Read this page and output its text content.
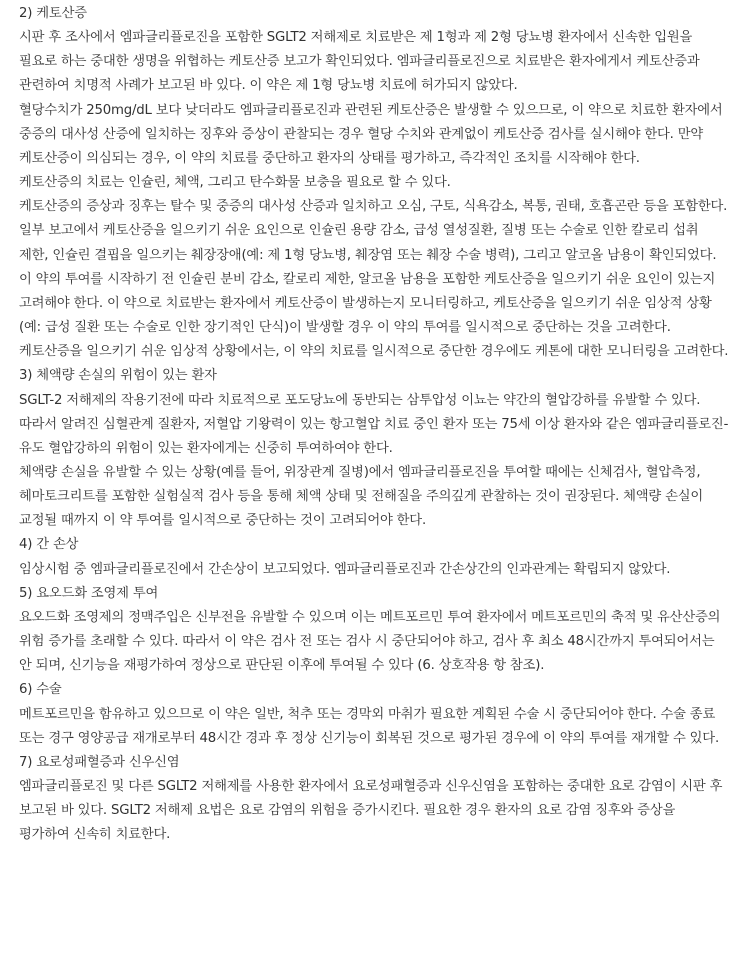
2) 케토산증

시판 후 조사에서 엠파글리플로진을 포함한 SGLT2 저해제로 치료받은 제 1형과 제 2형 당뇨병 환자에서 신속한 입원을 필요로 하는 중대한 생명을 위협하는 케토산증 보고가 확인되었다. 엠파글리플로진으로 치료받은 환자에게서 케토산증과 관련하여 치명적 사례가 보고된 바 있다. 이 약은 제 1형 당뇨병 치료에 허가되지 않았다.

혈당수치가 250mg/dL 보다 낮더라도 엠파글리플로진과 관련된 케토산증은 발생할 수 있으므로, 이 약으로 치료한 환자에서 중증의 대사성 산증에 일치하는 징후와 증상이 관찰되는 경우 혈당 수치와 관계없이 케토산증 검사를 실시해야 한다. 만약 케토산증이 의심되는 경우, 이 약의 치료를 중단하고 환자의 상태를 평가하고, 즉각적인 조치를 시작해야 한다.

케토산증의 치료는 인슐린, 체액, 그리고 탄수화물 보충을 필요로 할 수 있다.

케토산증의 증상과 징후는 탈수 및 중증의 대사성 산증과 일치하고 오심, 구토, 식욕감소, 복통, 권태, 호흡곤란 등을 포함한다. 일부 보고에서 케토산증을 일으키기 쉬운 요인으로 인슐린 용량 감소, 급성 열성질환, 질병 또는 수술로 인한 칼로리 섭취 제한, 인슐린 결핍을 일으키는 췌장장애(예: 제 1형 당뇨병, 췌장염 또는 췌장 수술 병력), 그리고 알코올 남용이 확인되었다.

이 약의 투여를 시작하기 전 인슐린 분비 감소, 칼로리 제한, 알코올 남용을 포함한 케토산증을 일으키기 쉬운 요인이 있는지 고려해야 한다. 이 약으로 치료받는 환자에서 케토산증이 발생하는지 모니터링하고, 케토산증을 일으키기 쉬운 임상적 상황(예: 급성 질환 또는 수술로 인한 장기적인 단식)이 발생할 경우 이 약의 투여를 일시적으로 중단하는 것을 고려한다. 케토산증을 일으키기 쉬운 임상적 상황에서는, 이 약의 치료를 일시적으로 중단한 경우에도 케톤에 대한 모니터링을 고려한다.

3) 체액량 손실의 위험이 있는 환자

SGLT-2 저해제의 작용기전에 따라 치료적으로 포도당뇨에 동반되는 삼투압성 이뇨는 약간의 혈압강하를 유발할 수 있다. 따라서 알려진 심혈관계 질환자, 저혈압 기왕력이 있는 항고혈압 치료 중인 환자 또는 75세 이상 환자와 같은 엠파글리플로진-유도 혈압강하의 위험이 있는 환자에게는 신중히 투여하여야 한다.

체액량 손실을 유발할 수 있는 상황(예를 들어, 위장관계 질병)에서 엠파글리플로진을 투여할 때에는 신체검사, 혈압측정, 헤마토크리트를 포함한 실험실적 검사 등을 통해 체액 상태 및 전해질을 주의깊게 관찰하는 것이 권장된다. 체액량 손실이 교정될 때까지 이 약 투여를 일시적으로 중단하는 것이 고려되어야 한다.

4) 간 손상

임상시험 중 엠파글리플로진에서 간손상이 보고되었다. 엠파글리플로진과 간손상간의 인과관계는 확립되지 않았다.

5) 요오드화 조영제 투여

요오드화 조영제의 정맥주입은 신부전을 유발할 수 있으며 이는 메트포르민 투여 환자에서 메트포르민의 축적 및 유산산증의 위험 증가를 초래할 수 있다. 따라서 이 약은 검사 전 또는 검사 시 중단되어야 하고, 검사 후 최소 48시간까지 투여되어서는 안 되며, 신기능을 재평가하여 정상으로 판단된 이후에 투여될 수 있다 (6. 상호작용 항 참조).

6) 수술

메트포르민을 함유하고 있으므로 이 약은 일반, 척추 또는 경막외 마취가 필요한 계획된 수술 시 중단되어야 한다. 수술 종료 또는 경구 영양공급 재개로부터 48시간 경과 후 정상 신기능이 회복된 것으로 평가된 경우에 이 약의 투여를 재개할 수 있다.

7) 요로성패혈증과 신우신염

엠파글리플로진 및 다른 SGLT2 저해제를 사용한 환자에서 요로성패혈증과 신우신염을 포함하는 중대한 요로 감염이 시판 후 보고된 바 있다. SGLT2 저해제 요법은 요로 감염의 위험을 증가시킨다. 필요한 경우 환자의 요로 감염 징후와 증상을 평가하여 신속히 치료한다.
